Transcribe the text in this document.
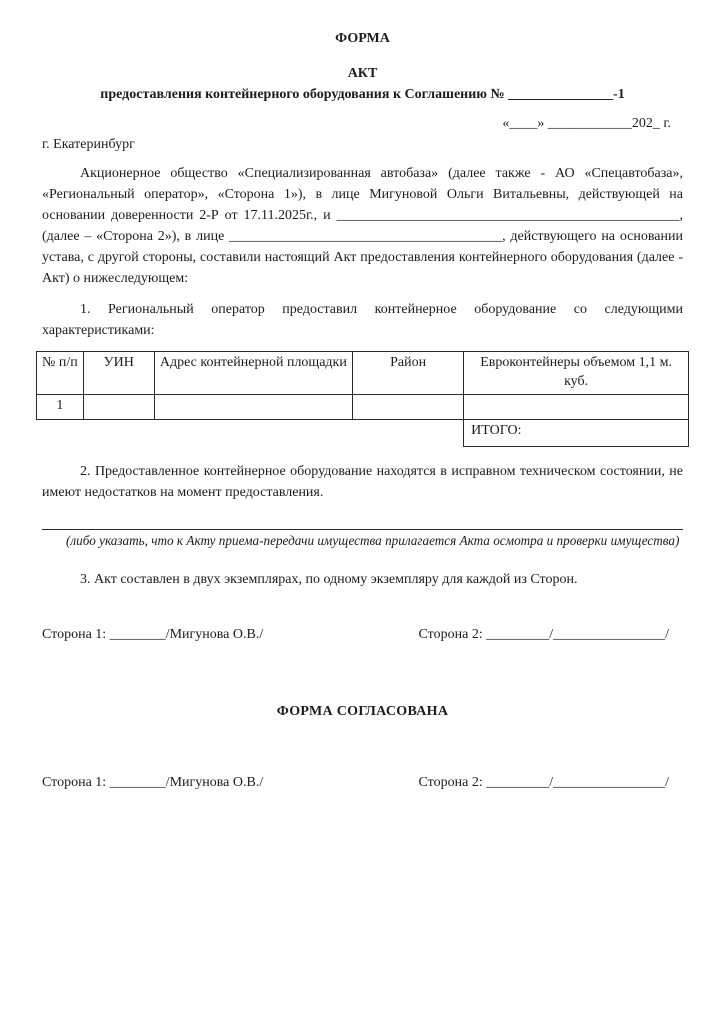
ФОРМА
АКТ
предоставления контейнерного оборудования к Соглашению № _______________-1
«____» ____________202_ г.
г. Екатеринбург

Акционерное общество «Специализированная автобаза» (далее также - АО «Спецавтобаза», «Региональный оператор», «Сторона 1»), в лице Мигуновой Ольги Витальевны, действующей на основании доверенности 2-Р от 17.11.2025г., и _________________________________________________, (далее – «Сторона 2»), в лице _______________________________________, действующего на основании устава, с другой стороны, составили настоящий Акт предоставления контейнерного оборудования (далее - Акт) о нижеследующем:

1. Региональный оператор предоставил контейнерное оборудование со следующими характеристиками:

№ п/п	УИН	Адрес контейнерной площадки	Район	Евроконтейнеры объемом 1,1 м. куб.
1				
				ИТОГО:

2. Предоставленное контейнерное оборудование находятся в исправном техническом состоянии, не имеют недостатков на момент предоставления.

(либо указать, что к Акту приема-передачи имущества прилагается Акта осмотра и проверки имущества)

3. Акт составлен в двух экземплярах, по одному экземпляру для каждой из Сторон.

Сторона 1: ________/Мигунова О.В./	Сторона 2: _________/________________/
ФОРМА СОГЛАСОВАНА
Сторона 1: ________/Мигунова О.В./	Сторона 2: _________/________________/
